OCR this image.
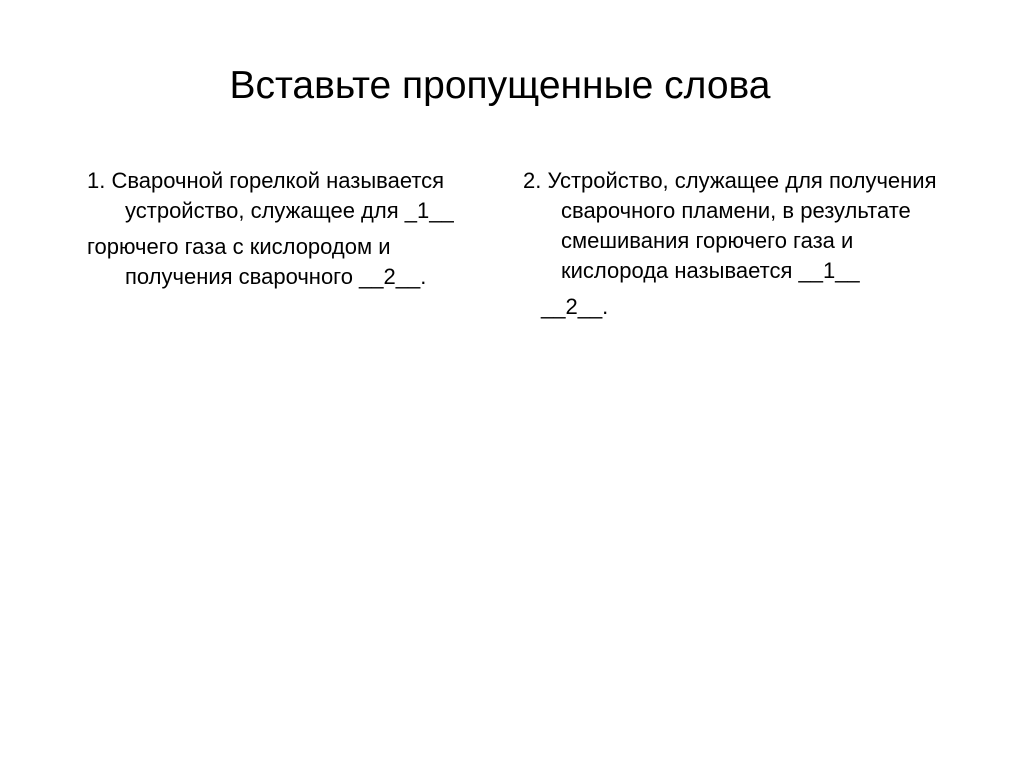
Вставьте пропущенные слова

1. Сварочной горелкой называется устройство, служащее для _1__

горючего газа с кислородом и получения сварочного __2__.

2. Устройство, служащее для получения сварочного пламени, в результате смешивания горючего газа и кислорода называется __1__

__2__.
